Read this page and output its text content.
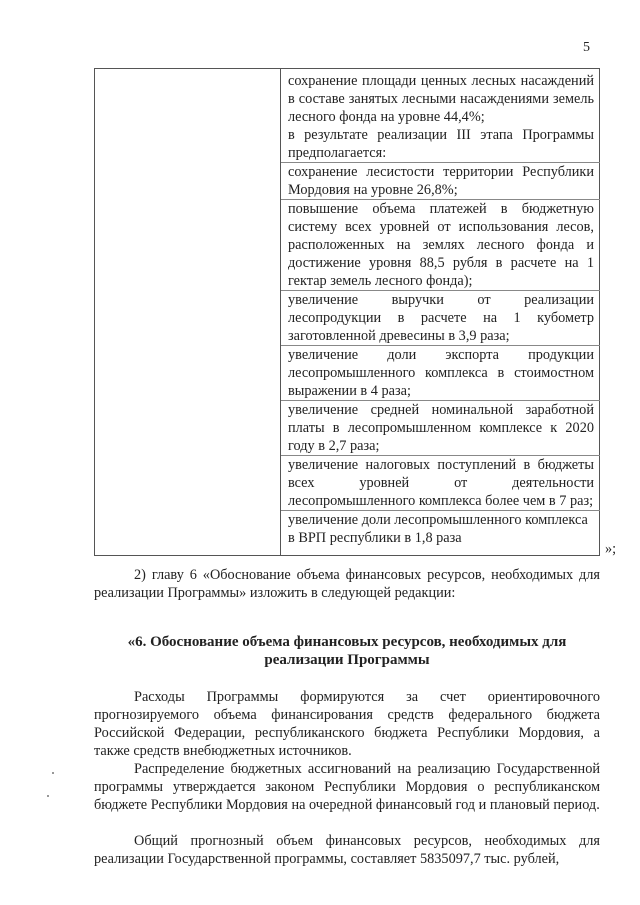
5

сохранение площади ценных лесных насаждений в составе занятых лесными насаждениями земель лесного фонда на уровне 44,4%;

в результате реализации III этапа Программы предполагается:

сохранение лесистости территории Республики Мордовия на уровне 26,8%;

повышение объема платежей в бюджетную систему всех уровней от использования лесов, расположенных на землях лесного фонда и достижение уровня 88,5 рубля в расчете на 1 гектар земель лесного фонда);

увеличение выручки от реализации лесопродукции в расчете на 1 кубометр заготовленной древесины в 3,9 раза;

увеличение доли экспорта продукции лесопромышленного комплекса в стоимостном выражении в 4 раза;

увеличение средней номинальной заработной платы в лесопромышленном комплексе к 2020 году в 2,7 раза;

увеличение налоговых поступлений в бюджеты всех уровней от деятельности лесопромышленного комплекса более чем в 7 раз;

увеличение доли лесопромышленного комплекса в ВРП республики в 1,8 раза

»;

2) главу 6 «Обоснование объема финансовых ресурсов, необходимых для реализации Программы» изложить в следующей редакции:

«6. Обоснование объема финансовых ресурсов, необходимых для реализации Программы

Расходы Программы формируются за счет ориентировочного прогнозируемого объема финансирования средств федерального бюджета Российской Федерации, республиканского бюджета Республики Мордовия, а также средств внебюджетных источников.

Распределение бюджетных ассигнований на реализацию Государственной программы утверждается законом Республики Мордовия о республиканском бюджете Республики Мордовия на очередной финансовый год и плановый период.

Общий прогнозный объем финансовых ресурсов, необходимых для реализации Государственной программы, составляет 5835097,7 тыс. рублей,
